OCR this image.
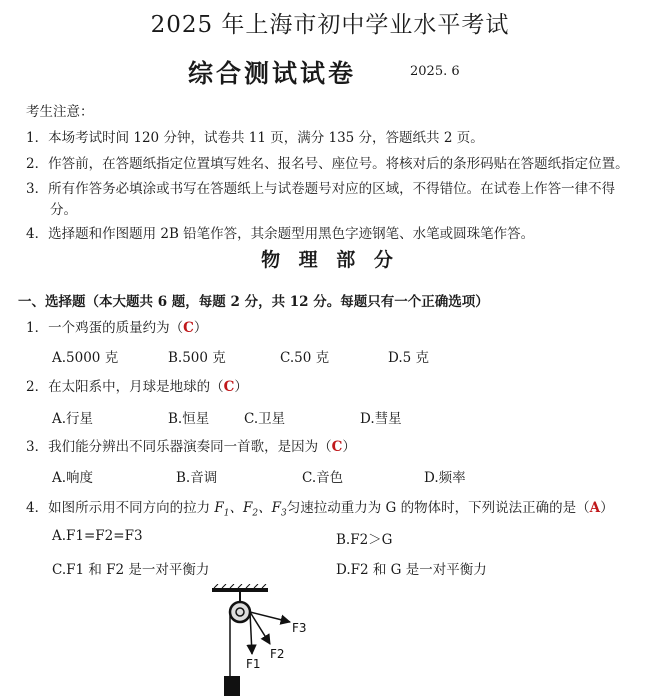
2025 年上海市初中学业水平考试
综合测试试卷	2025. 6
考生注意：
1．本场考试时间 120 分钟，试卷共 11 页，满分 135 分，答题纸共 2 页。
2．作答前，在答题纸指定位置填写姓名、报名号、座位号。将核对后的条形码贴在答题纸指定位置。
3．所有作答务必填涂或书写在答题纸上与试卷题号对应的区域，不得错位。在试卷上作答一律不得
分。
4．选择题和作图题用 2B 铅笔作答，其余题型用黑色字迹钢笔、水笔或圆珠笔作答。
物 理 部 分
一、选择题（本大题共 6 题，每题 2 分，共 12 分。每题只有一个正确选项）
1．一个鸡蛋的质量约为（C）
A.5000 克	B.500 克	C.50 克	D.5 克
2．在太阳系中，月球是地球的（C）
A.行星	B.恒星	C.卫星	D.彗星
3．我们能分辨出不同乐器演奏同一首歌，是因为（C）
A.响度	B.音调	C.音色	D.频率
4．如图所示用不同方向的拉力 $F_1$、$F_2$、$F_3$匀速拉动重力为 G 的物体时，下列说法正确的是（A）
A.F1=F2=F3	B.F2＞G
C.F1 和 F2 是一对平衡力	D.F2 和 G 是一对平衡力
F3
F1
F2
